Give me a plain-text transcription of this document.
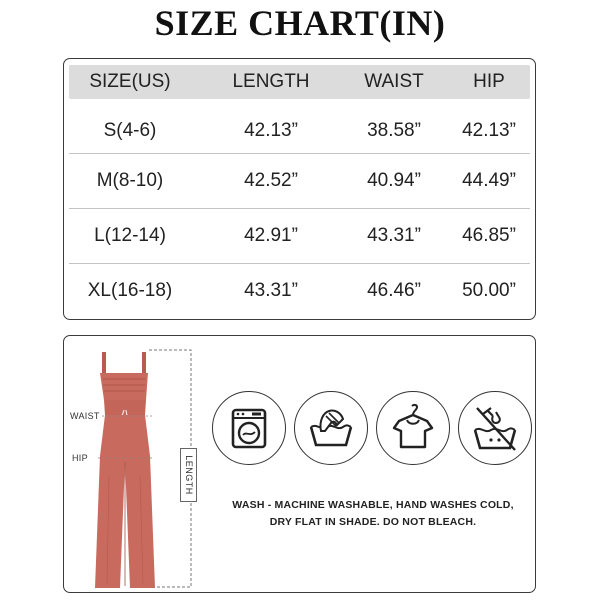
SIZE CHART(IN)
SIZE(US)	LENGTH	WAIST	HIP
S(4-6)	42.13”	38.58”	42.13”
M(8-10)	42.52”	40.94”	44.49”
L(12-14)	42.91”	43.31”	46.85”
XL(16-18)	43.31”	46.46”	50.00”
WAIST
HIP	LENGTH
WASH - MACHINE WASHABLE, HAND WASHES COLD,
DRY FLAT IN SHADE. DO NOT BLEACH.
